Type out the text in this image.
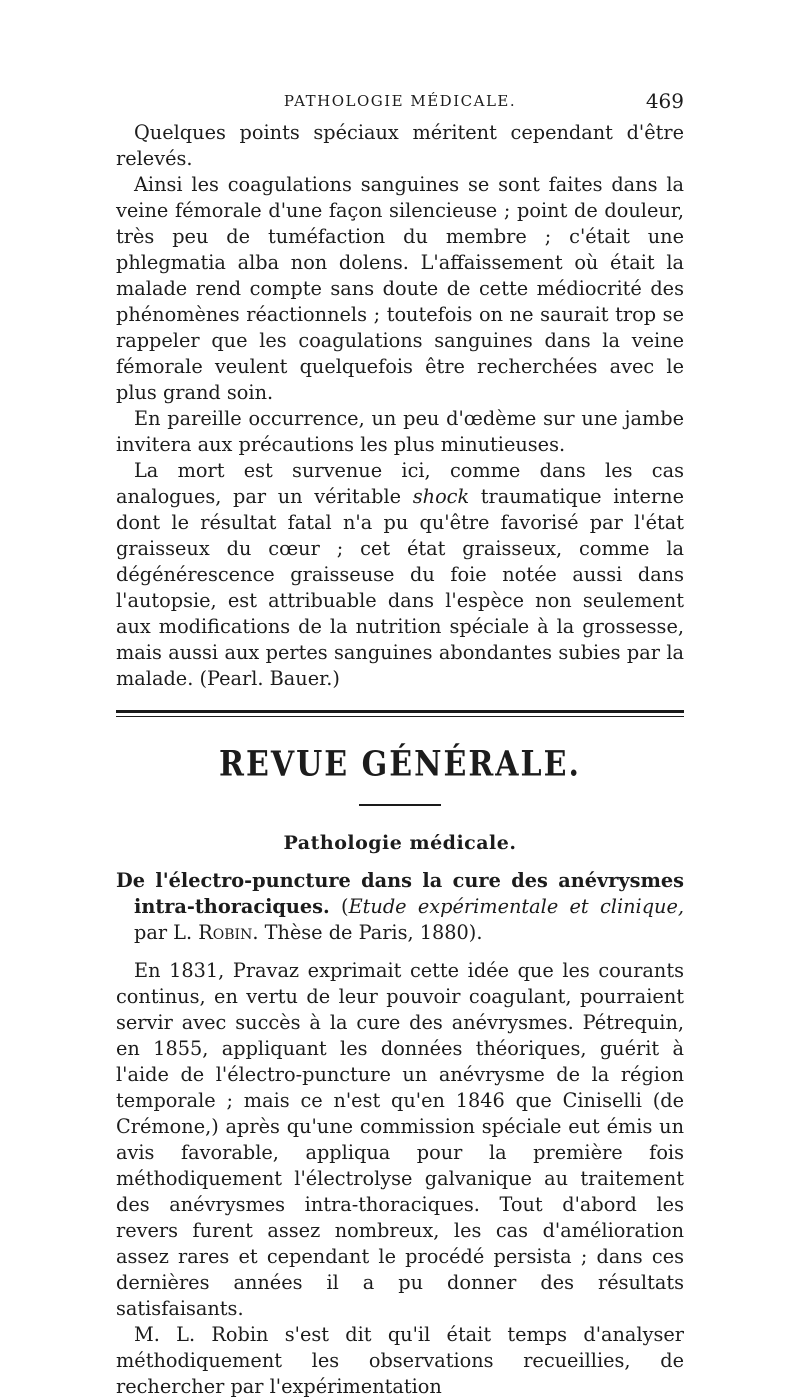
PATHOLOGIE MÉDICALE.	469

Quelques points spéciaux méritent cependant d'être relevés.

Ainsi les coagulations sanguines se sont faites dans la veine fémorale d'une façon silencieuse ; point de douleur, très peu de tuméfaction du membre ; c'était une phlegmatia alba non dolens. L'affaissement où était la malade rend compte sans doute de cette médiocrité des phénomènes réactionnels ; toutefois on ne saurait trop se rappeler que les coagulations sanguines dans la veine fémorale veulent quelquefois être recherchées avec le plus grand soin.

En pareille occurrence, un peu d'œdème sur une jambe invitera aux précautions les plus minutieuses.

La mort est survenue ici, comme dans les cas analogues, par un véritable shock traumatique interne dont le résultat fatal n'a pu qu'être favorisé par l'état graisseux du cœur ; cet état graisseux, comme la dégénérescence graisseuse du foie notée aussi dans l'autopsie, est attribuable dans l'espèce non seulement aux modifications de la nutrition spéciale à la grossesse, mais aussi aux pertes sanguines abondantes subies par la malade. (Pearl. Bauer.)

REVUE GÉNÉRALE.
Pathologie médicale.
De l'électro-puncture dans la cure des anévrysmes intra-thoraciques. (Etude expérimentale et clinique, par L. Robin. Thèse de Paris, 1880).

En 1831, Pravaz exprimait cette idée que les courants continus, en vertu de leur pouvoir coagulant, pourraient servir avec succès à la cure des anévrysmes. Pétrequin, en 1855, appliquant les données théoriques, guérit à l'aide de l'électro-puncture un anévrysme de la région temporale ; mais ce n'est qu'en 1846 que Ciniselli (de Crémone,) après qu'une commission spéciale eut émis un avis favorable, appliqua pour la première fois méthodiquement l'électrolyse galvanique au traitement des anévrysmes intra-thoraciques. Tout d'abord les revers furent assez nombreux, les cas d'amélioration assez rares et cependant le procédé persista ; dans ces dernières années il a pu donner des résultats satisfaisants.

M. L. Robin s'est dit qu'il était temps d'analyser méthodiquement les observations recueillies, de rechercher par l'expérimentation
